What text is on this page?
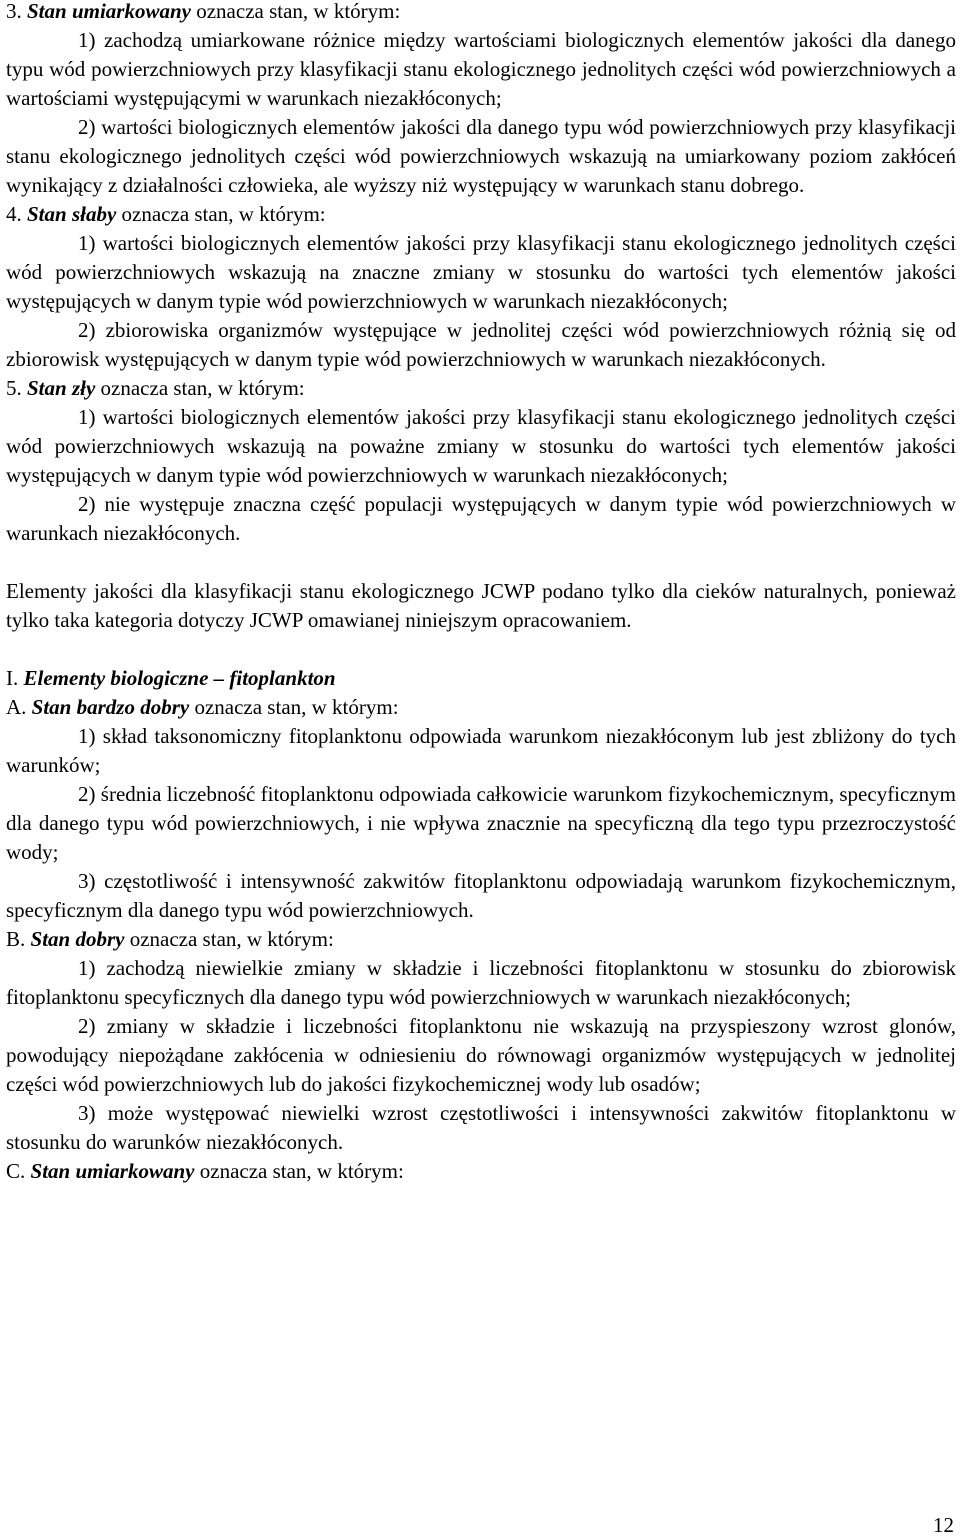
3. Stan umiarkowany oznacza stan, w którym:

1) zachodzą umiarkowane różnice między wartościami biologicznych elementów jakości dla danego typu wód powierzchniowych przy klasyfikacji stanu ekologicznego jednolitych części wód powierzchniowych a wartościami występującymi w warunkach niezakłóconych;

2) wartości biologicznych elementów jakości dla danego typu wód powierzchniowych przy klasyfikacji stanu ekologicznego jednolitych części wód powierzchniowych wskazują na umiarkowany poziom zakłóceń wynikający z działalności człowieka, ale wyższy niż występujący w warunkach stanu dobrego.

4. Stan słaby oznacza stan, w którym:

1) wartości biologicznych elementów jakości przy klasyfikacji stanu ekologicznego jednolitych części wód powierzchniowych wskazują na znaczne zmiany w stosunku do wartości tych elementów jakości występujących w danym typie wód powierzchniowych w warunkach niezakłóconych;

2) zbiorowiska organizmów występujące w jednolitej części wód powierzchniowych różnią się od zbiorowisk występujących w danym typie wód powierzchniowych w warunkach niezakłóconych.

5. Stan zły oznacza stan, w którym:

1) wartości biologicznych elementów jakości przy klasyfikacji stanu ekologicznego jednolitych części wód powierzchniowych wskazują na poważne zmiany w stosunku do wartości tych elementów jakości występujących w danym typie wód powierzchniowych w warunkach niezakłóconych;

2) nie występuje znaczna część populacji występujących w danym typie wód powierzchniowych w warunkach niezakłóconych.

Elementy jakości dla klasyfikacji stanu ekologicznego JCWP podano tylko dla cieków naturalnych, ponieważ tylko taka kategoria dotyczy JCWP omawianej niniejszym opracowaniem.

I. Elementy biologiczne – fitoplankton

A. Stan bardzo dobry oznacza stan, w którym:

1) skład taksonomiczny fitoplanktonu odpowiada warunkom niezakłóconym lub jest zbliżony do tych warunków;

2) średnia liczebność fitoplanktonu odpowiada całkowicie warunkom fizykochemicznym, specyficznym dla danego typu wód powierzchniowych, i nie wpływa znacznie na specyficzną dla tego typu przezroczystość wody;

3) częstotliwość i intensywność zakwitów fitoplanktonu odpowiadają warunkom fizykochemicznym, specyficznym dla danego typu wód powierzchniowych.

B. Stan dobry oznacza stan, w którym:

1) zachodzą niewielkie zmiany w składzie i liczebności fitoplanktonu w stosunku do zbiorowisk fitoplanktonu specyficznych dla danego typu wód powierzchniowych w warunkach niezakłóconych;

2) zmiany w składzie i liczebności fitoplanktonu nie wskazują na przyspieszony wzrost glonów, powodujący niepożądane zakłócenia w odniesieniu do równowagi organizmów występujących w jednolitej części wód powierzchniowych lub do jakości fizykochemicznej wody lub osadów;

3) może występować niewielki wzrost częstotliwości i intensywności zakwitów fitoplanktonu w stosunku do warunków niezakłóconych.

C. Stan umiarkowany oznacza stan, w którym:

12
